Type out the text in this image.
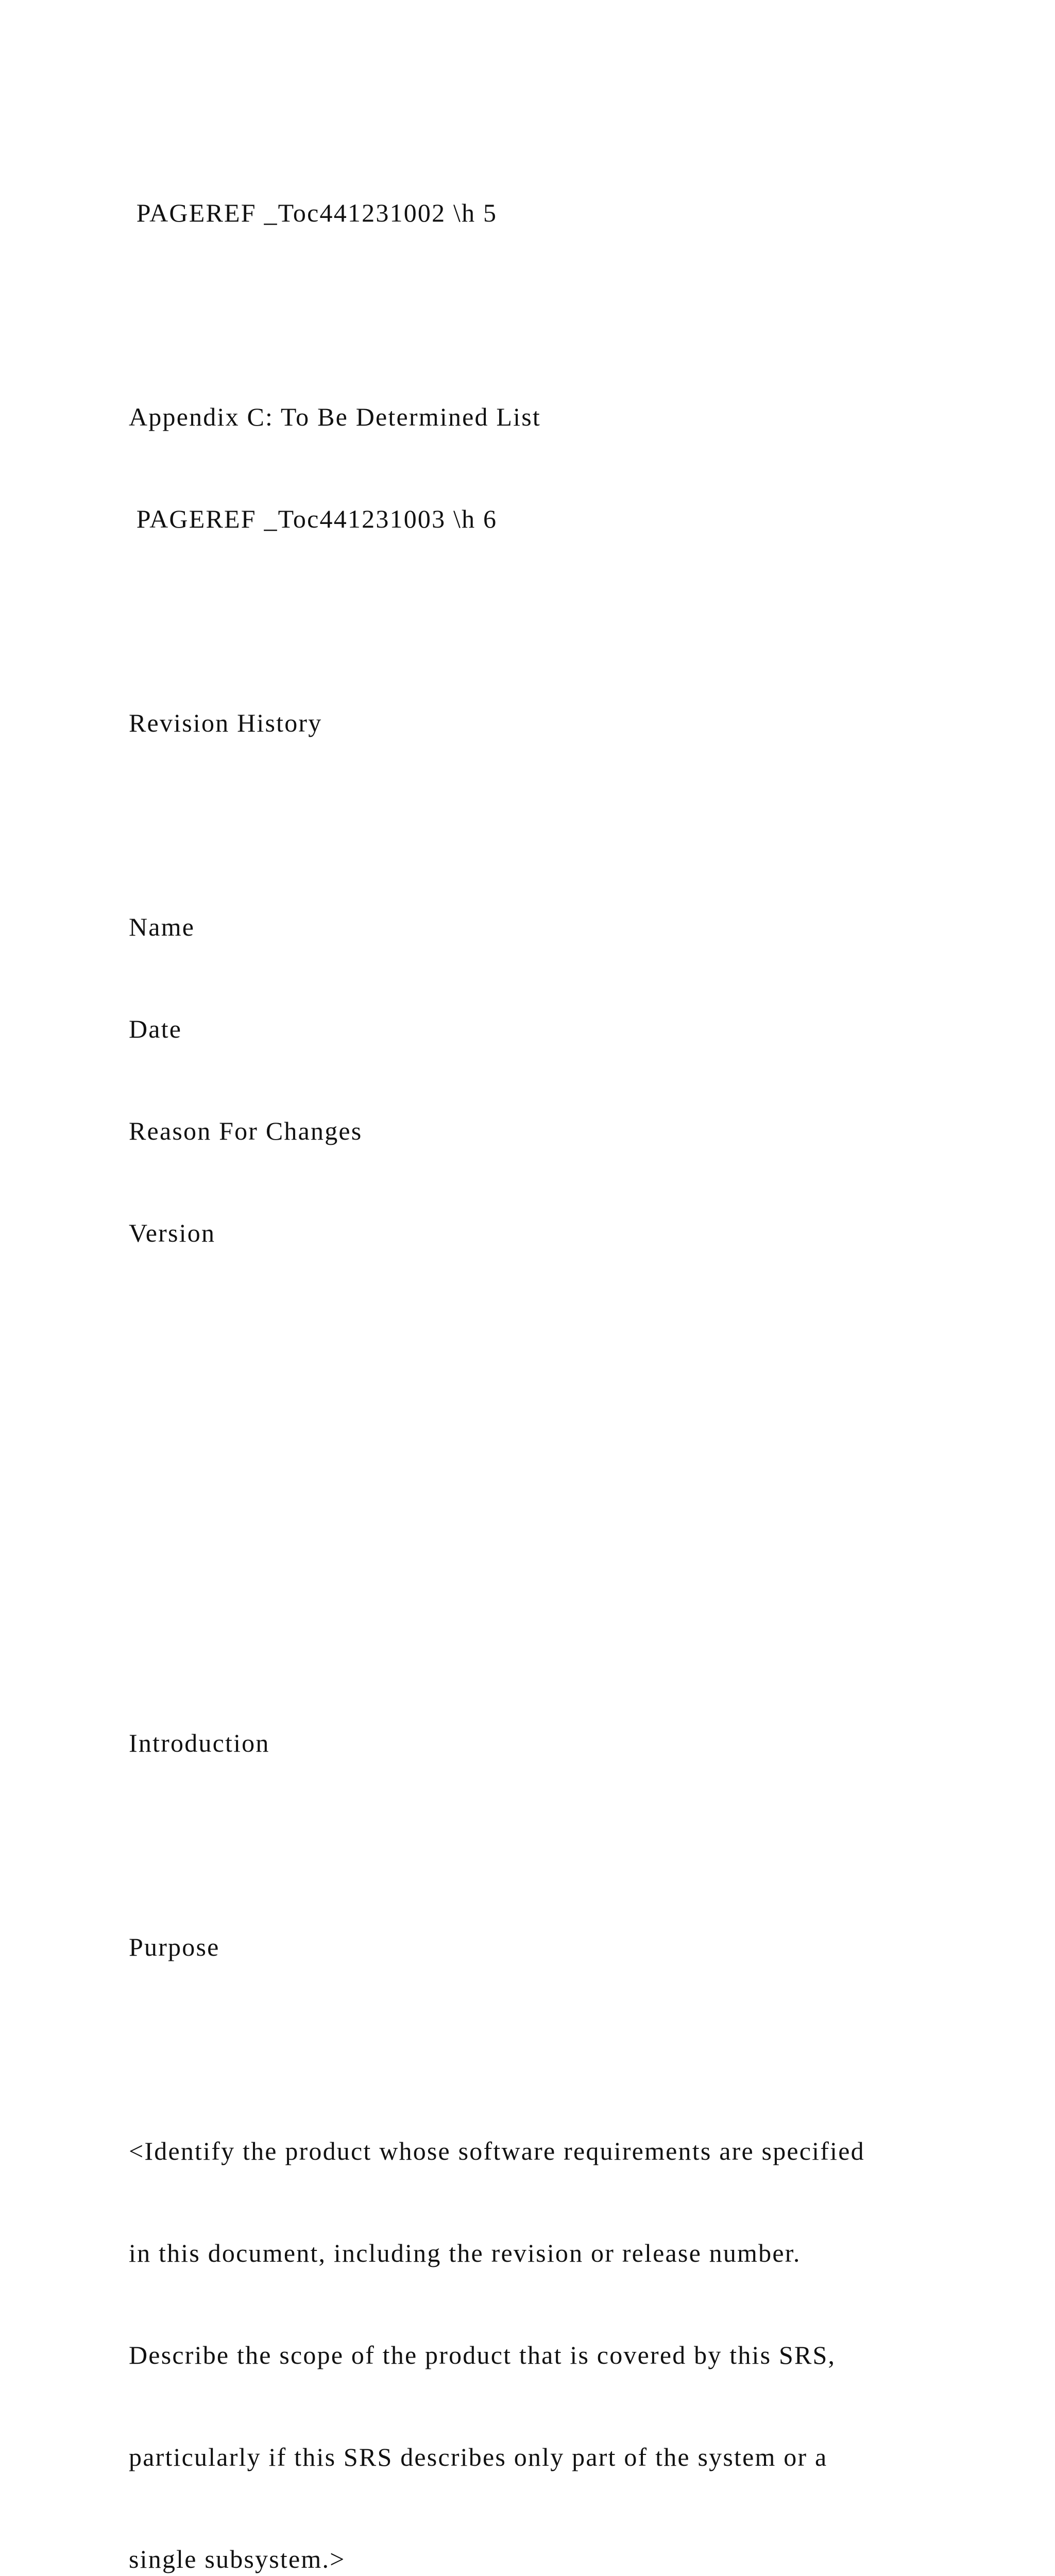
PAGEREF _Toc441231002 \h 5

Appendix C: To Be Determined List

PAGEREF _Toc441231003 \h 6

Revision History

Name

Date

Reason For Changes

Version

Introduction

Purpose

<Identify the product whose software requirements are specified

in this document, including the revision or release number.

Describe the scope of the product that is covered by this SRS,

particularly if this SRS describes only part of the system or a

single subsystem.>
